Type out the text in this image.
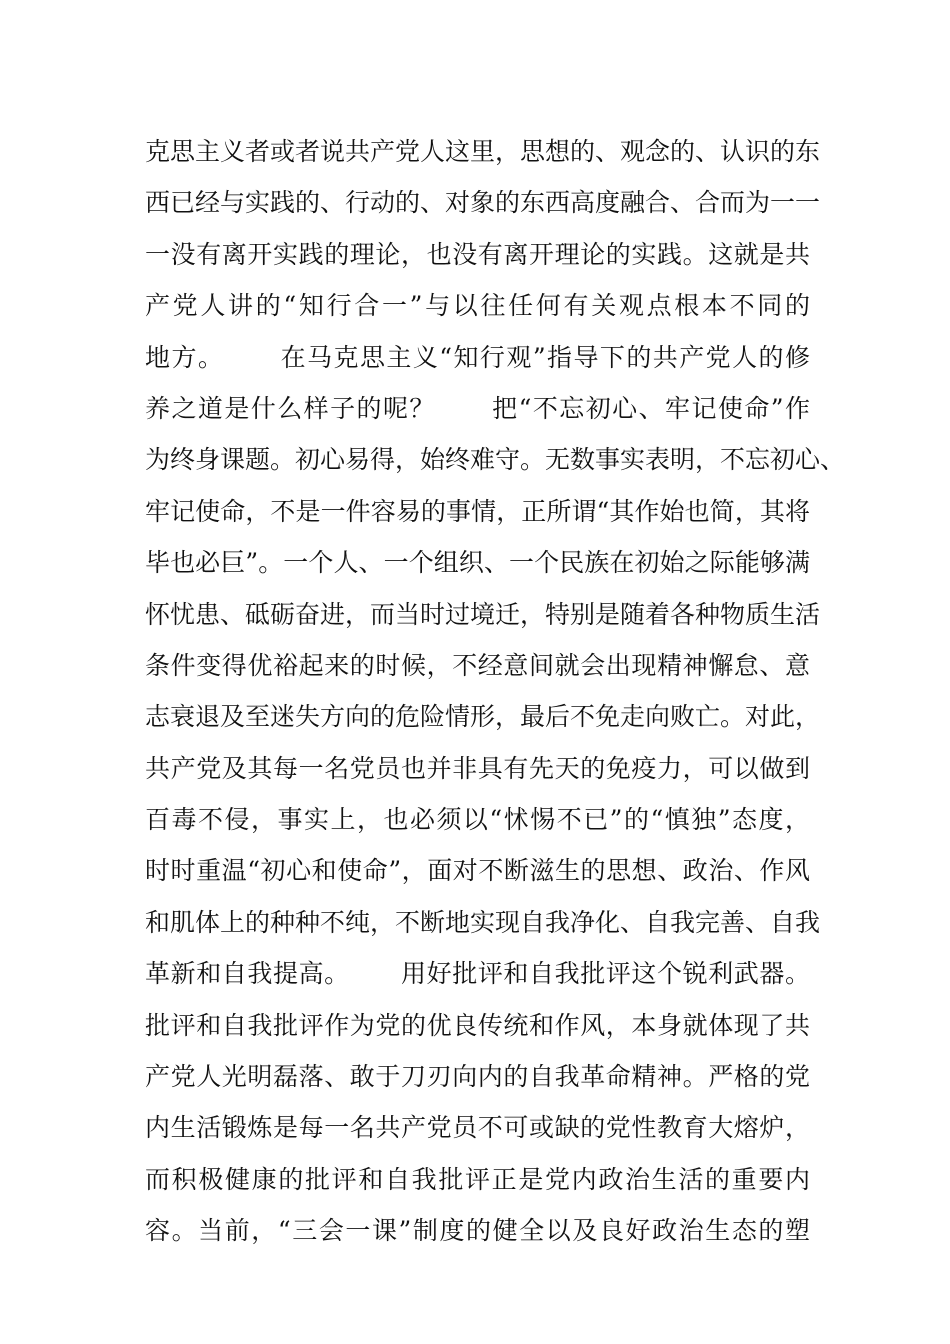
克思主义者或者说共产党人这里，思想的、观念的、认识的东
西已经与实践的、行动的、对象的东西高度融合、合而为一一
一没有离开实践的理论，也没有离开理论的实践。这就是共
产党人讲的“知行合一”与以往任何有关观点根本不同的
地方。      在马克思主义“知行观”指导下的共产党人的修
养之道是什么样子的呢？      把“不忘初心、牢记使命”作
为终身课题。初心易得，始终难守。无数事实表明，不忘初心、
牢记使命，不是一件容易的事情，正所谓“其作始也简，其将
毕也必巨”。一个人、一个组织、一个民族在初始之际能够满
怀忧患、砥砺奋进，而当时过境迁，特别是随着各种物质生活
条件变得优裕起来的时候，不经意间就会出现精神懈怠、意
志衰退及至迷失方向的危险情形，最后不免走向败亡。对此，
共产党及其每一名党员也并非具有先天的免疫力，可以做到
百毒不侵，事实上，也必须以“怵惕不已”的“慎独”态度，
时时重温“初心和使命”，面对不断滋生的思想、政治、作风
和肌体上的种种不纯，不断地实现自我净化、自我完善、自我
革新和自我提高。      用好批评和自我批评这个锐利武器。
批评和自我批评作为党的优良传统和作风，本身就体现了共
产党人光明磊落、敢于刀刃向内的自我革命精神。严格的党
内生活锻炼是每一名共产党员不可或缺的党性教育大熔炉，
而积极健康的批评和自我批评正是党内政治生活的重要内
容。当前，“三会一课”制度的健全以及良好政治生态的塑
